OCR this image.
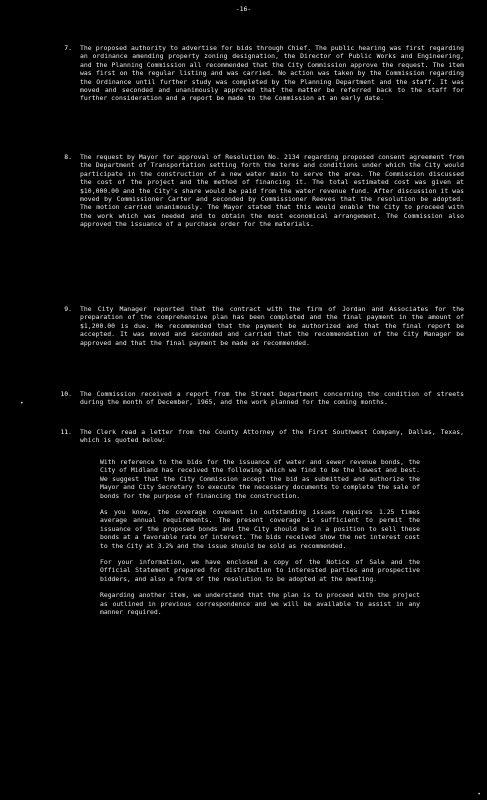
-16-
7.	The proposed authority to advertise for bids through Chief. The public hearing was first regarding an ordinance amending property zoning designation, the Director of Public Works and Engineering, and the Planning Commission all recommended that the City Commission approve the request. The item was first on the regular listing and was carried. No action was taken by the Commission regarding the Ordinance until further study was completed by the Planning Department and the staff. It was moved and seconded and unanimously approved that the matter be referred back to the staff for further consideration and a report be made to the Commission at an early date.
8.	The request by Mayor for approval of Resolution No. 2134 regarding proposed consent agreement from the Department of Transportation setting forth the terms and conditions under which the City would participate in the construction of a new water main to serve the area. The Commission discussed the cost of the project and the method of financing it. The total estimated cost was given at $10,000.00 and the City's share would be paid from the water revenue fund. After discussion it was moved by Commissioner Carter and seconded by Commissioner Reeves that the resolution be adopted. The motion carried unanimously. The Mayor stated that this would enable the City to proceed with the work which was needed and to obtain the most economical arrangement. The Commission also approved the issuance of a purchase order for the materials.
9.	The City Manager reported that the contract with the firm of Jordan and Associates for the preparation of the comprehensive plan has been completed and the final payment in the amount of $1,200.00 is due. He recommended that the payment be authorized and that the final report be accepted. It was moved and seconded and carried that the recommendation of the City Manager be approved and that the final payment be made as recommended.
10.	The Commission received a report from the Street Department concerning the condition of streets during the month of December, 1965, and the work planned for the coming months.
11.	The Clerk read a letter from the County Attorney of the First Southwest Company, Dallas, Texas, which is quoted below:

With reference to the bids for the issuance of water and sewer revenue bonds, the City of Midland has received the following which we find to be the lowest and best. We suggest that the City Commission accept the bid as submitted and authorize the Mayor and City Secretary to execute the necessary documents to complete the sale of bonds for the purpose of financing the construction.

As you know, the coverage covenant in outstanding issues requires 1.25 times average annual requirements. The present coverage is sufficient to permit the issuance of the proposed bonds and the City should be in a position to sell these bonds at a favorable rate of interest. The bids received show the net interest cost to the City at 3.2% and the issue should be sold as recommended.

For your information, we have enclosed a copy of the Notice of Sale and the Official Statement prepared for distribution to interested parties and prospective bidders, and also a form of the resolution to be adopted at the meeting.

Regarding another item, we understand that the plan is to proceed with the project as outlined in previous correspondence and we will be available to assist in any manner required.

•
•
